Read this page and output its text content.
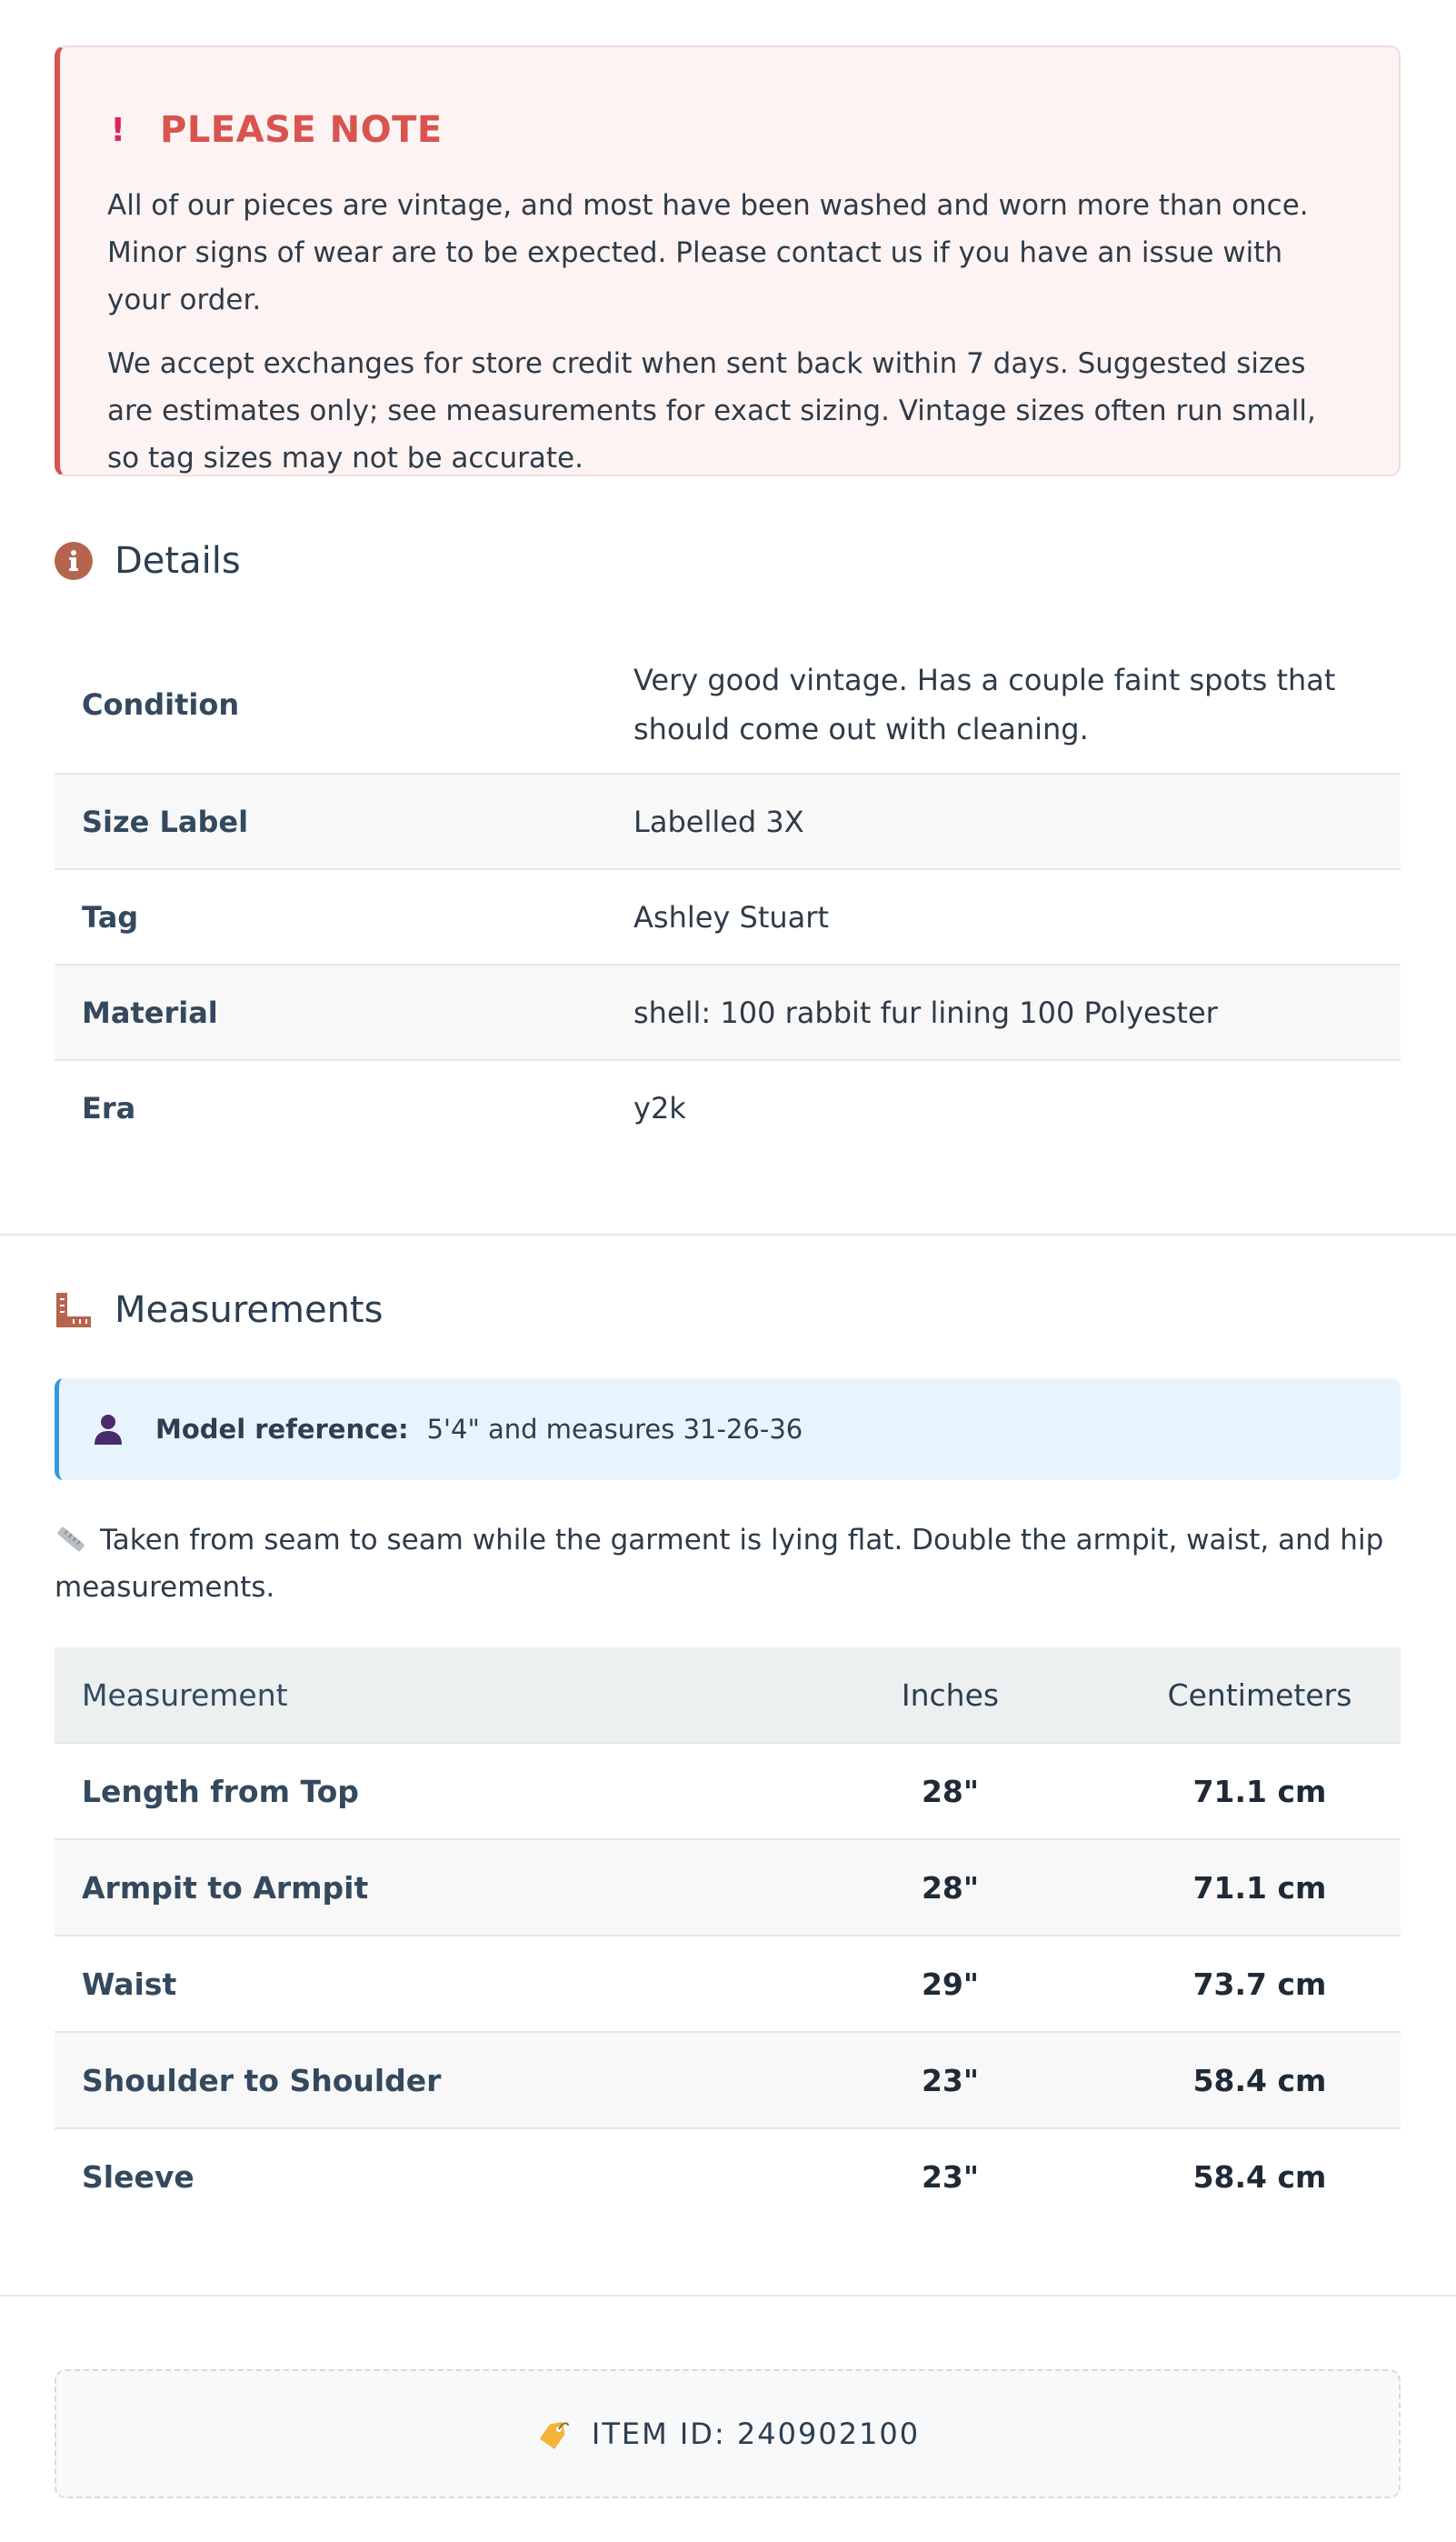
! PLEASE NOTE

All of our pieces are vintage, and most have been washed and worn more than once. Minor signs of wear are to be expected. Please contact us if you have an issue with your order.

We accept exchanges for store credit when sent back within 7 days. Suggested sizes are estimates only; see measurements for exact sizing. Vintage sizes often run small, so tag sizes may not be accurate.

Details
Condition
Very good vintage. Has a couple faint spots that should come out with cleaning.
Size Label	Labelled 3X
Tag	Ashley Stuart
Material	shell: 100 rabbit fur lining 100 Polyester
Era	y2k
Measurements
Model reference: 5'4" and measures 31-26-36
Taken from seam to seam while the garment is lying flat. Double the armpit, waist, and hip measurements.
Measurement	Inches	Centimeters
Length from Top	28"	71.1 cm
Armpit to Armpit	28"	71.1 cm
Waist	29"	73.7 cm
Shoulder to Shoulder	23"	58.4 cm
Sleeve	23"	58.4 cm
ITEM ID: 240902100
